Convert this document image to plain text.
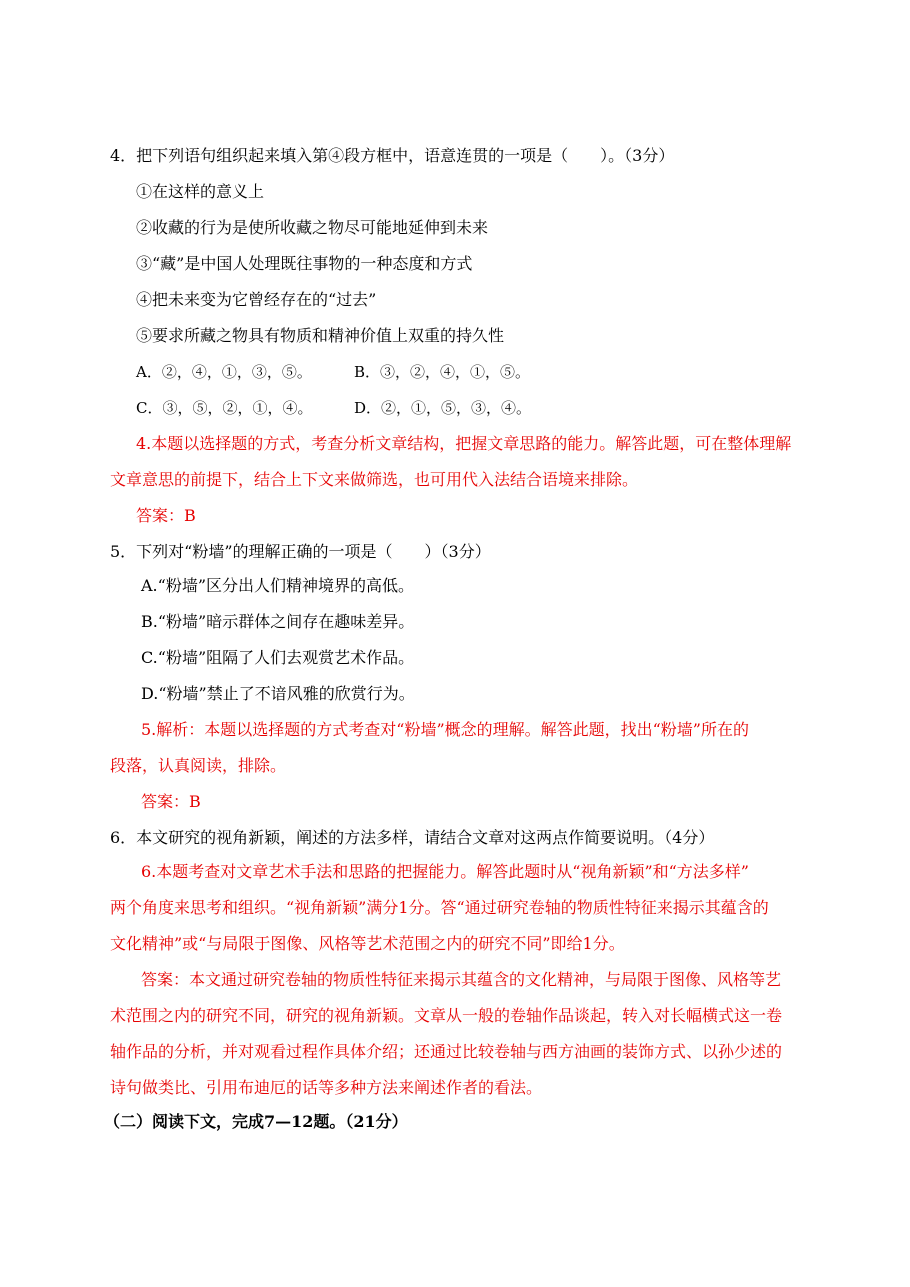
4．把下列语句组织起来填入第④段方框中，语意连贯的一项是（　　）。（3分）
①在这样的意义上
②收藏的行为是使所收藏之物尽可能地延伸到未来
③“藏”是中国人处理既往事物的一种态度和方式
④把未来变为它曾经存在的“过去”
⑤要求所藏之物具有物质和精神价值上双重的持久性
A．②，④，①，③，⑤。	B．③，②，④，①，⑤。
C．③，⑤，②，①，④。	D．②，①，⑤，③，④。
4.本题以选择题的方式，考查分析文章结构，把握文章思路的能力。解答此题，可在整体理解
文章意思的前提下，结合上下文来做筛选，也可用代入法结合语境来排除。
答案：B
5．下列对“粉墙”的理解正确的一项是（　　）（3分）
A.“粉墙”区分出人们精神境界的高低。
B.“粉墙”暗示群体之间存在趣味差异。
C.“粉墙”阻隔了人们去观赏艺术作品。
D.“粉墙”禁止了不谙风雅的欣赏行为。
5.解析：本题以选择题的方式考查对“粉墙”概念的理解。解答此题，找出“粉墙”所在的
段落，认真阅读，排除。
答案：B
6．本文研究的视角新颖，阐述的方法多样，请结合文章对这两点作简要说明。（4分）
6.本题考查对文章艺术手法和思路的把握能力。解答此题时从“视角新颖”和“方法多样”
两个角度来思考和组织。“视角新颖”满分1分。答“通过研究卷轴的物质性特征来揭示其蕴含的
文化精神”或“与局限于图像、风格等艺术范围之内的研究不同”即给1分。
答案：本文通过研究卷轴的物质性特征来揭示其蕴含的文化精神，与局限于图像、风格等艺
术范围之内的研究不同，研究的视角新颖。文章从一般的卷轴作品谈起，转入对长幅横式这一卷
轴作品的分析，并对观看过程作具体介绍；还通过比较卷轴与西方油画的装饰方式、以孙少述的
诗句做类比、引用布迪厄的话等多种方法来阐述作者的看法。
（二）阅读下文，完成7—12题。（21分）
